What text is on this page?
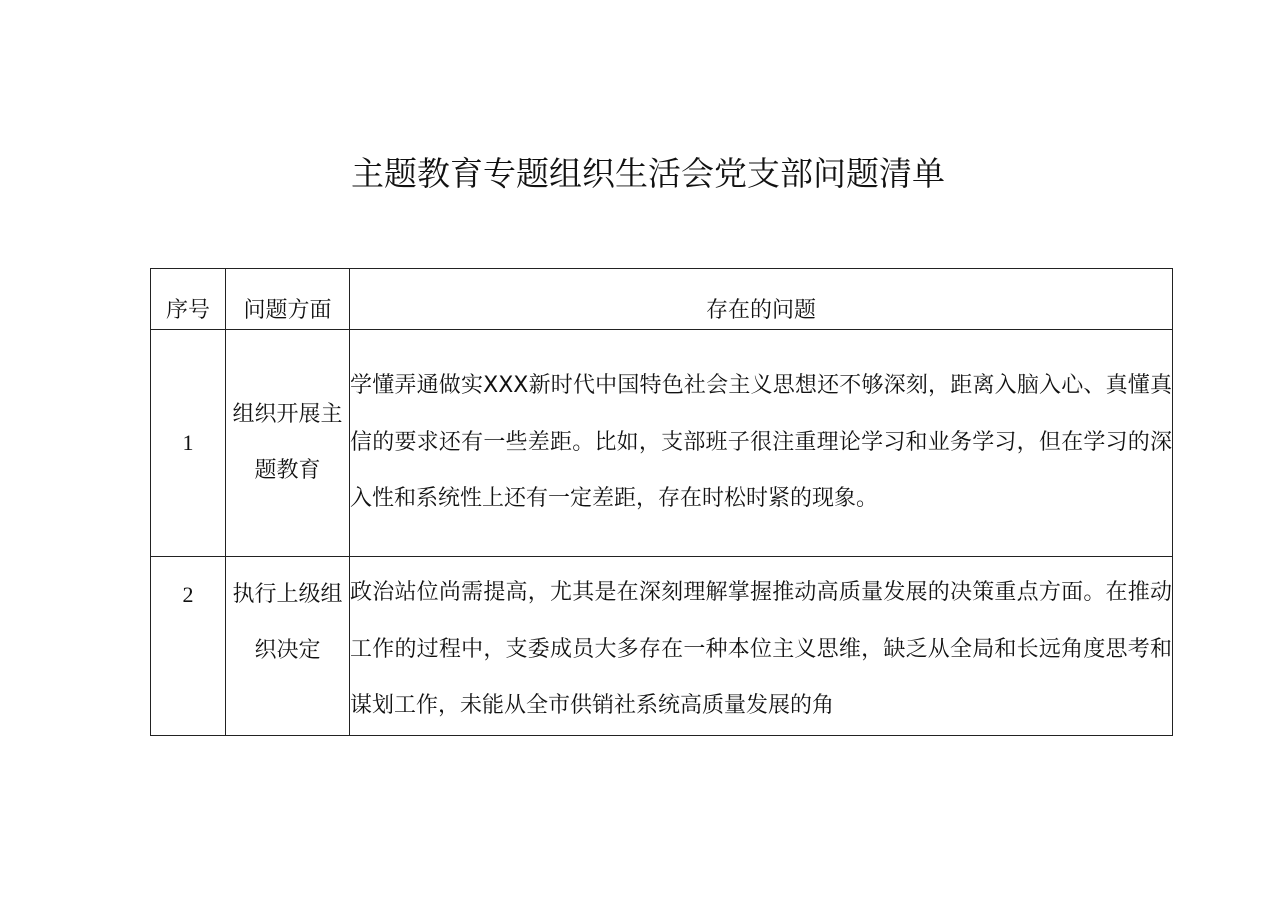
主题教育专题组织生活会党支部问题清单
序号	问题方面	存在的问题
1	组织开展主题教育	学懂弄通做实XXX新时代中国特色社会主义思想还不够深刻，距离入脑入心、真懂真信的要求还有一些差距。比如，支部班子很注重理论学习和业务学习，但在学习的深入性和系统性上还有一定差距，存在时松时紧的现象。
2	执行上级组织决定	政治站位尚需提高，尤其是在深刻理解掌握推动高质量发展的决策重点方面。在推动工作的过程中，支委成员大多存在一种本位主义思维，缺乏从全局和长远角度思考和谋划工作，未能从全市供销社系统高质量发展的角
